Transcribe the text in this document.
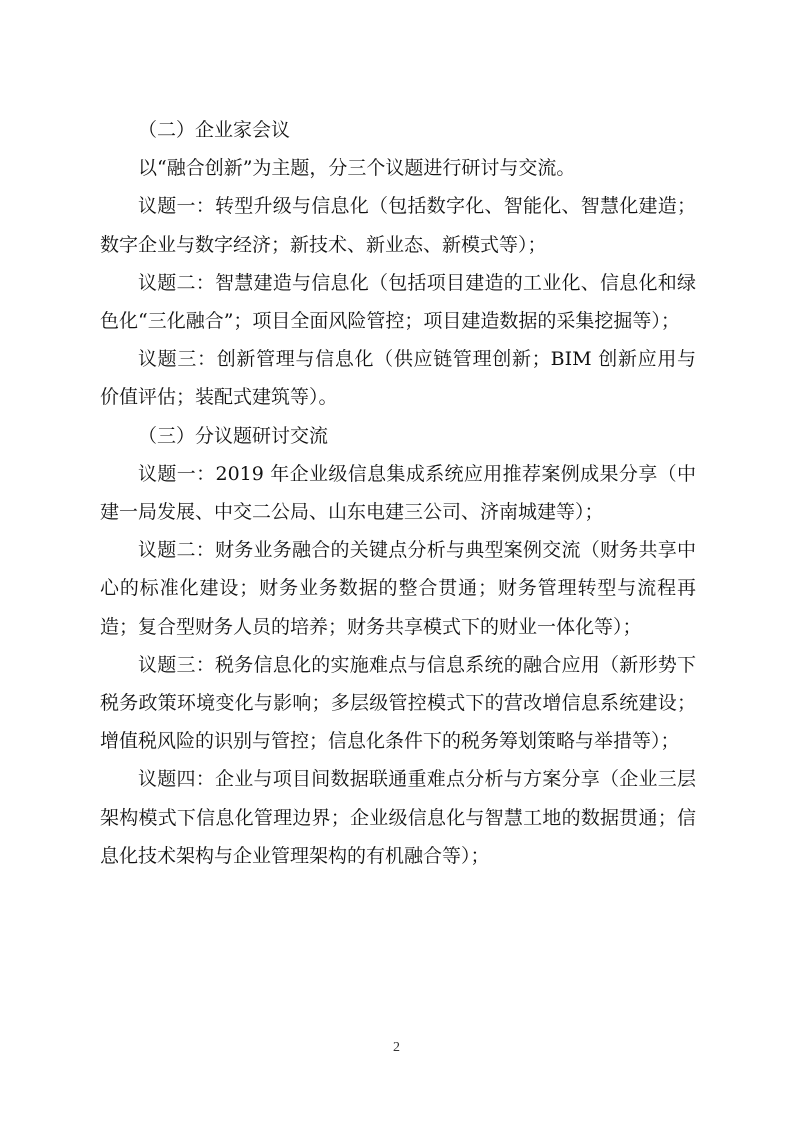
（二）企业家会议

以“融合创新”为主题，分三个议题进行研讨与交流。

议题一：转型升级与信息化（包括数字化、智能化、智慧化建造；数字企业与数字经济；新技术、新业态、新模式等）；

议题二：智慧建造与信息化（包括项目建造的工业化、信息化和绿色化“三化融合”；项目全面风险管控；项目建造数据的采集挖掘等）；

议题三：创新管理与信息化（供应链管理创新；BIM 创新应用与价值评估；装配式建筑等）。

（三）分议题研讨交流

议题一：2019 年企业级信息集成系统应用推荐案例成果分享（中建一局发展、中交二公局、山东电建三公司、济南城建等）；

议题二：财务业务融合的关键点分析与典型案例交流（财务共享中心的标准化建设；财务业务数据的整合贯通；财务管理转型与流程再造；复合型财务人员的培养；财务共享模式下的财业一体化等）；

议题三：税务信息化的实施难点与信息系统的融合应用（新形势下税务政策环境变化与影响；多层级管控模式下的营改增信息系统建设；增值税风险的识别与管控；信息化条件下的税务筹划策略与举措等）；

议题四：企业与项目间数据联通重难点分析与方案分享（企业三层架构模式下信息化管理边界；企业级信息化与智慧工地的数据贯通；信息化技术架构与企业管理架构的有机融合等）；

2
